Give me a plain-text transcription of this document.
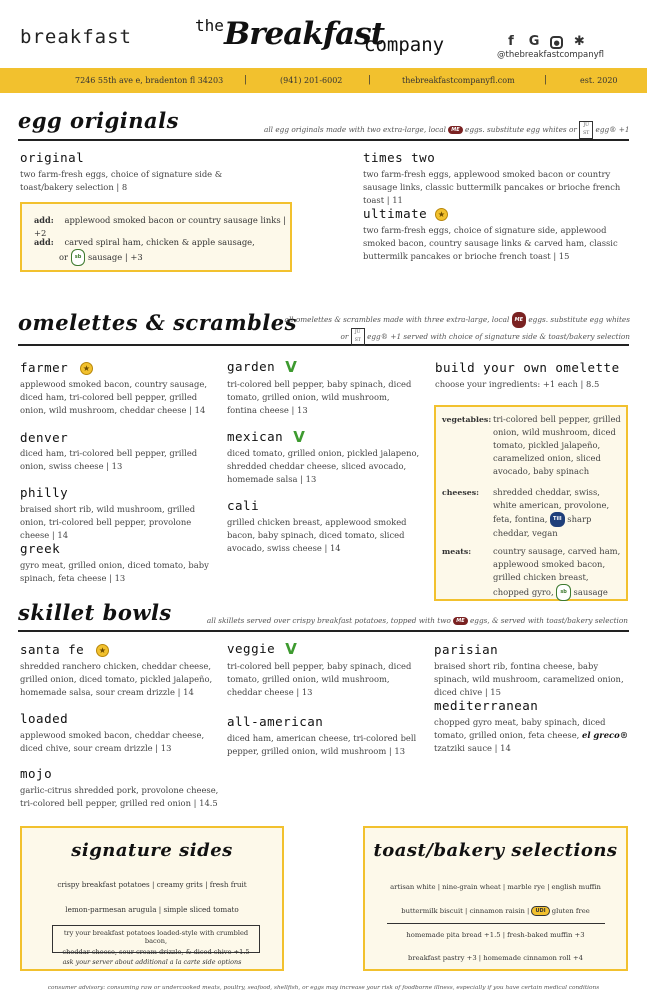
breakfast
the Breakfast
company	f G ● ✱
@thebreakfastcompanyfl
7246 55th ave e, bradenton fl 34203 |	(941) 201-6002	|	thebreakfastcompanyfl.com	|	est. 2020
egg originals	all egg originals made with two extra-large, local ME eggs. substitute egg whites or JU
ST egg® +1
original
two farm-fresh eggs, choice of signature side & toast/bakery selection | 8
times two
two farm-fresh eggs, applewood smoked bacon or country sausage links, classic buttermilk pancakes or brioche french toast | 11
ultimate ★
two farm-fresh eggs, choice of signature side, applewood smoked bacon, country sausage links & carved ham, classic buttermilk pancakes or brioche french toast | 15
add: applewood smoked bacon or country sausage links | +2
add: carved spiral ham, chicken & apple sausage,
or sb sausage | +3
omelettes & scrambles
all omelettes & scrambles made with three extra-large, local ME eggs. substitute egg whites
or JU
ST egg® +1 served with choice of signature side & toast/bakery selection
farmer ★
applewood smoked bacon, country sausage, diced ham, tri-colored bell pepper, grilled onion, wild mushroom, cheddar cheese | 14
denver
diced ham, tri-colored bell pepper, grilled onion, swiss cheese | 13
philly
braised short rib, wild mushroom, grilled onion, tri-colored bell pepper, provolone cheese | 14
greek
gyro meat, grilled onion, diced tomato, baby spinach, feta cheese | 13
garden V
tri-colored bell pepper, baby spinach, diced tomato, grilled onion, wild mushroom, fontina cheese | 13
mexican V
diced tomato, grilled onion, pickled jalapeno, shredded cheddar cheese, sliced avocado, homemade salsa | 13
cali
grilled chicken breast, applewood smoked bacon, baby spinach, diced tomato, sliced avocado, swiss cheese | 14
build your own omelette
choose your ingredients: +1 each | 8.5
vegetables: tri-colored bell pepper, grilled onion, wild mushroom, diced tomato, pickled jalapeño, caramelized onion, sliced avocado, baby spinach
cheeses: shredded cheddar, swiss, white american, provolone, feta, fontina, Till sharp cheddar, vegan
meats:	country sausage, carved ham, applewood smoked bacon, grilled chicken breast, chopped gyro, sb sausage
skillet bowls	all skillets served over crispy breakfast potatoes, topped with two ME eggs, & served with toast/bakery selection
santa fe ★
shredded ranchero chicken, cheddar cheese, grilled onion, diced tomato, pickled jalapeño, homemade salsa, sour cream drizzle | 14
loaded
applewood smoked bacon, cheddar cheese, diced chive, sour cream drizzle | 13
mojo
garlic-citrus shredded pork, provolone cheese, tri-colored bell pepper, grilled red onion | 14.5
veggie V
tri-colored bell pepper, baby spinach, diced tomato, grilled onion, wild mushroom, cheddar cheese | 13
all-american
diced ham, american cheese, tri-colored bell pepper, grilled onion, wild mushroom | 13
parisian
braised short rib, fontina cheese, baby spinach, wild mushroom, caramelized onion, diced chive | 15
mediterranean
chopped gyro meat, baby spinach, diced tomato, grilled onion, feta cheese, el greco® tzatziki sauce | 14
signature sides
crispy breakfast potatoes | creamy grits | fresh fruit
lemon-parmesan arugula | simple sliced tomato
try your breakfast potatoes loaded-style with crumbled bacon,
cheddar cheese, sour cream drizzle, & diced chive +1.5
ask your server about additional a la carte side options
toast/bakery selections
artisan white | nine-grain wheat | marble rye | english muffin
buttermilk biscuit | cinnamon raisin | UDI gluten free
homemade pita bread +1.5 | fresh-baked muffin +3
breakfast pastry +3 | homemade cinnamon roll +4
consumer advisory: consuming raw or undercooked meats, poultry, seafood, shellfish, or eggs may increase your risk of foodborne illness, especially if you have certain medical conditions
